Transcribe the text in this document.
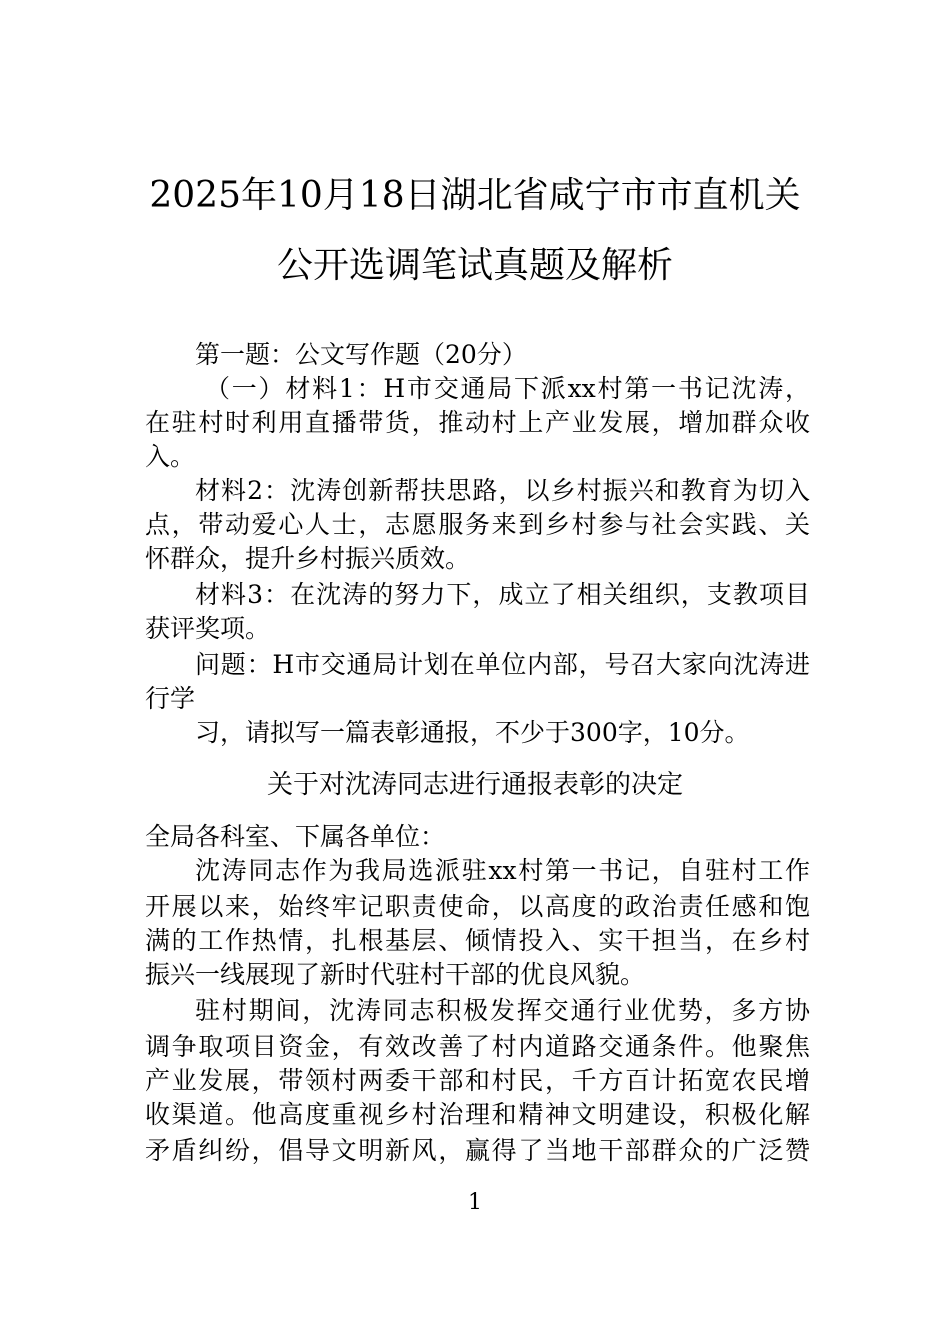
2025年10月18日湖北省咸宁市市直机关
公开选调笔试真题及解析
第一题：公文写作题（20分）
（一）材料1：H市交通局下派xx村第一书记沈涛，
在驻村时利用直播带货，推动村上产业发展，增加群众收
入。
材料2：沈涛创新帮扶思路，以乡村振兴和教育为切入
点，带动爱心人士，志愿服务来到乡村参与社会实践、关
怀群众，提升乡村振兴质效。
材料3：在沈涛的努力下，成立了相关组织，支教项目
获评奖项。
问题：H市交通局计划在单位内部，号召大家向沈涛进
行学
习，请拟写一篇表彰通报，不少于300字，10分。
关于对沈涛同志进行通报表彰的决定
全局各科室、下属各单位：
沈涛同志作为我局选派驻xx村第一书记，自驻村工作
开展以来，始终牢记职责使命，以高度的政治责任感和饱
满的工作热情，扎根基层、倾情投入、实干担当，在乡村
振兴一线展现了新时代驻村干部的优良风貌。
驻村期间，沈涛同志积极发挥交通行业优势，多方协
调争取项目资金，有效改善了村内道路交通条件。他聚焦
产业发展，带领村两委干部和村民，千方百计拓宽农民增
收渠道。他高度重视乡村治理和精神文明建设，积极化解
矛盾纠纷，倡导文明新风，赢得了当地干部群众的广泛赞
1
